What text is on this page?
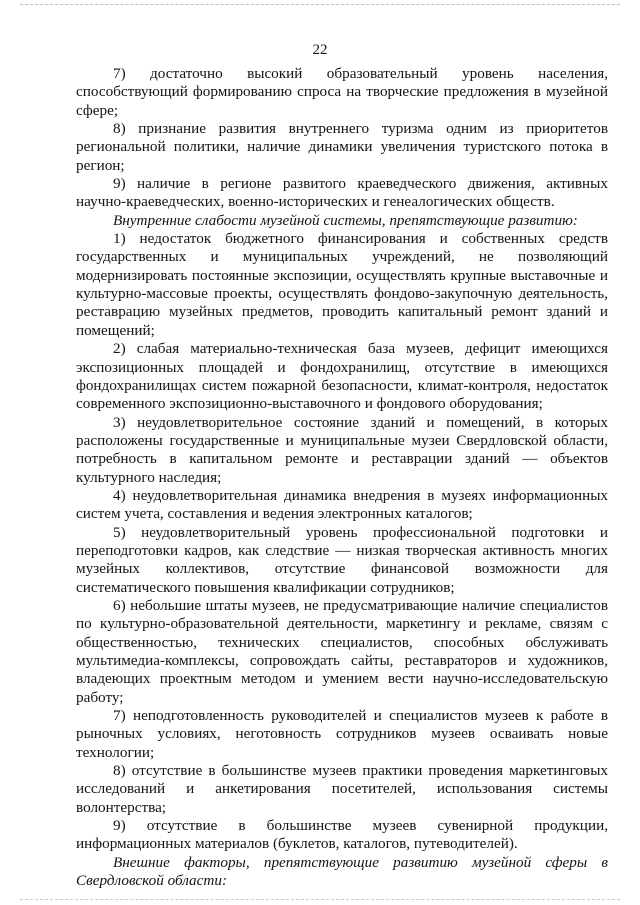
22

7) достаточно высокий образовательный уровень населения, способствующий формированию спроса на творческие предложения в музейной сфере;

8) признание развития внутреннего туризма одним из приоритетов региональной политики, наличие динамики увеличения туристского потока в регион;

9) наличие в регионе развитого краеведческого движения, активных научно-краеведческих, военно-исторических и генеалогических обществ.

Внутренние слабости музейной системы, препятствующие развитию:

1) недостаток бюджетного финансирования и собственных средств государственных и муниципальных учреждений, не позволяющий модернизировать постоянные экспозиции, осуществлять крупные выставочные и культурно-массовые проекты, осуществлять фондово-закупочную деятельность, реставрацию музейных предметов, проводить капитальный ремонт зданий и помещений;

2) слабая материально-техническая база музеев, дефицит имеющихся экспозиционных площадей и фондохранилищ, отсутствие в имеющихся фондохранилищах систем пожарной безопасности, климат-контроля, недостаток современного экспозиционно-выставочного и фондового оборудования;

3) неудовлетворительное состояние зданий и помещений, в которых расположены государственные и муниципальные музеи Свердловской области, потребность в капитальном ремонте и реставрации зданий — объектов культурного наследия;

4) неудовлетворительная динамика внедрения в музеях информационных систем учета, составления и ведения электронных каталогов;

5) неудовлетворительный уровень профессиональной подготовки и переподготовки кадров, как следствие — низкая творческая активность многих музейных коллективов, отсутствие финансовой возможности для систематического повышения квалификации сотрудников;

6) небольшие штаты музеев, не предусматривающие наличие специалистов по культурно-образовательной деятельности, маркетингу и рекламе, связям с общественностью, технических специалистов, способных обслуживать мультимедиа-комплексы, сопровождать сайты, реставраторов и художников, владеющих проектным методом и умением вести научно-исследовательскую работу;

7) неподготовленность руководителей и специалистов музеев к работе в рыночных условиях, неготовность сотрудников музеев осваивать новые технологии;

8) отсутствие в большинстве музеев практики проведения маркетинговых исследований и анкетирования посетителей, использования системы волонтерства;

9) отсутствие в большинстве музеев сувенирной продукции, информационных материалов (буклетов, каталогов, путеводителей).

Внешние факторы, препятствующие развитию музейной сферы в Свердловской области:
